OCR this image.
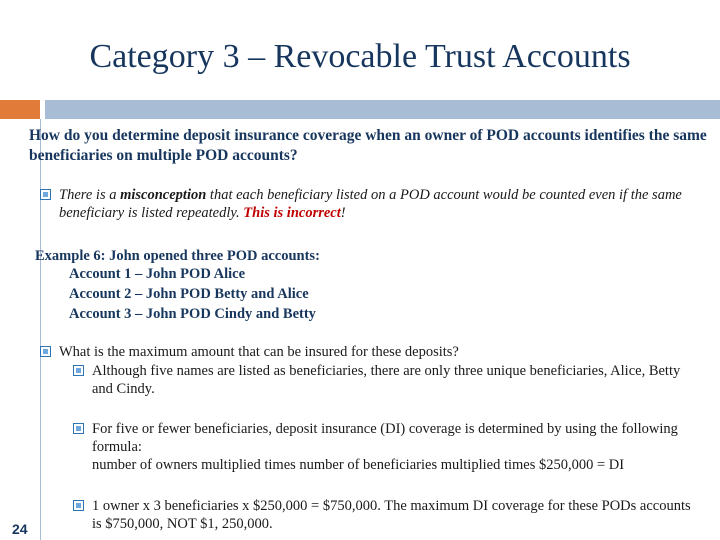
Category 3 – Revocable Trust Accounts
How do you determine deposit insurance coverage when an owner of POD accounts identifies the same beneficiaries on multiple POD accounts?
There is a misconception that each beneficiary listed on a POD account would be counted even if the same beneficiary is listed repeatedly. This is incorrect!
Example 6: John opened three POD accounts:
Account 1 – John POD Alice
Account 2 – John POD Betty and Alice
Account 3 – John POD Cindy and Betty
What is the maximum amount that can be insured for these deposits?
Although five names are listed as beneficiaries, there are only three unique beneficiaries, Alice, Betty and Cindy.
For five or fewer beneficiaries, deposit insurance (DI) coverage is determined by using the following formula:
number of owners multiplied times number of beneficiaries multiplied times $250,000 = DI
1 owner x 3 beneficiaries x $250,000 = $750,000. The maximum DI coverage for these PODs accounts is $750,000, NOT $1, 250,000.
24
